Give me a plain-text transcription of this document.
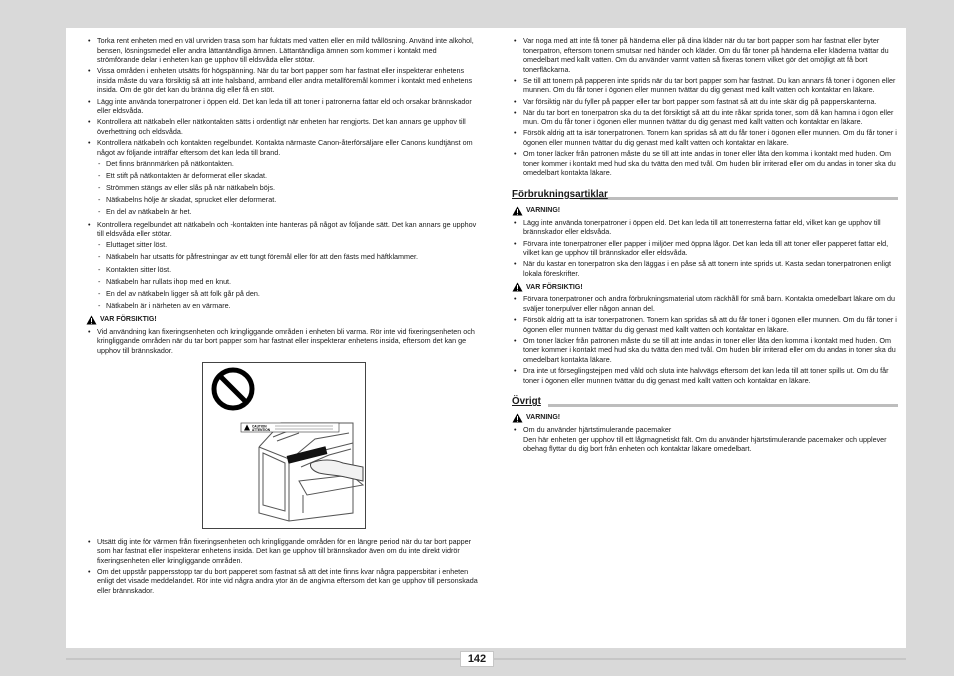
• Torka rent enheten med en väl urvriden trasa som har fuktats med vatten eller en mild tvållösning. Använd inte alkohol, bensen, lösningsmedel eller andra lättantändliga ämnen. Lättantändliga ämnen som kommer i kontakt med strömförande delar i enheten kan ge upphov till eldsvåda eller stötar.
• Vissa områden i enheten utsätts för högspänning. När du tar bort papper som har fastnat eller inspekterar enhetens insida måste du vara försiktig så att inte halsband, armband eller andra metallföremål kommer i kontakt med enhetens insida. Om de gör det kan du bränna dig eller få en stöt.
• Lägg inte använda tonerpatroner i öppen eld. Det kan leda till att toner i patronerna fattar eld och orsakar brännskador eller eldsvåda.
• Kontrollera att nätkabeln eller nätkontakten sätts i ordentligt när enheten har rengjorts. Det kan annars ge upphov till överhettning och eldsvåda.
• Kontrollera nätkabeln och kontakten regelbundet. Kontakta närmaste Canon-återförsäljare eller Canons kundtjänst om något av följande inträffar eftersom det kan leda till brand.
- Det finns brännmärken på nätkontakten.
- Ett stift på nätkontakten är deformerat eller skadat.
- Strömmen stängs av eller slås på när nätkabeln böjs.
- Nätkabelns hölje är skadat, sprucket eller deformerat.
- En del av nätkabeln är het.
• Kontrollera regelbundet att nätkabeln och -kontakten inte hanteras på något av följande sätt. Det kan annars ge upphov till eldsvåda eller stötar.
- Eluttaget sitter löst.
- Nätkabeln har utsatts för påfrestningar av ett tungt föremål eller för att den fästs med häftklammer.
- Kontakten sitter löst.
- Nätkabeln har rullats ihop med en knut.
- En del av nätkabeln ligger så att folk går på den.
- Nätkabeln är i närheten av en värmare.
VAR FÖRSIKTIG!
• Vid användning kan fixeringsenheten och kringliggande områden i enheten bli varma. Rör inte vid fixeringsenheten och kringliggande områden när du tar bort papper som har fastnat eller inspekterar enhetens insida, eftersom det kan ge upphov till brännskador.
CAUTION
ATTENTION
• Utsätt dig inte för värmen från fixeringsenheten och kringliggande områden för en längre period när du tar bort papper som har fastnat eller inspekterar enhetens insida. Det kan ge upphov till brännskador även om du inte direkt vidrör fixeringsenheten eller kringliggande områden.
• Om det uppstår pappersstopp tar du bort papperet som fastnat så att det inte finns kvar några pappersbitar i enheten enligt det visade meddelandet. Rör inte vid några andra ytor än de angivna eftersom det kan ge upphov till personskada eller brännskador.
• Var noga med att inte få toner på händerna eller på dina kläder när du tar bort papper som har fastnat eller byter tonerpatron, eftersom tonern smutsar ned händer och kläder. Om du får toner på händerna eller kläderna tvättar du omedelbart med kallt vatten. Om du använder varmt vatten så fixeras tonern vilket gör det omöjligt att få bort tonerfläckarna.
• Se till att tonern på papperen inte sprids när du tar bort papper som har fastnat. Du kan annars få toner i ögonen eller munnen. Om du får toner i ögonen eller munnen tvättar du dig genast med kallt vatten och kontaktar en läkare.
• Var försiktig när du fyller på papper eller tar bort papper som fastnat så att du inte skär dig på papperskanterna.
• När du tar bort en tonerpatron ska du ta det försiktigt så att du inte råkar sprida toner, som då kan hamna i ögon eller mun. Om du får toner i ögonen eller munnen tvättar du dig genast med kallt vatten och kontaktar en läkare.
• Försök aldrig att ta isär tonerpatronen. Tonern kan spridas så att du får toner i ögonen eller munnen. Om du får toner i ögonen eller munnen tvättar du dig genast med kallt vatten och kontaktar en läkare.
• Om toner läcker från patronen måste du se till att inte andas in toner eller låta den komma i kontakt med huden. Om toner kommer i kontakt med hud ska du tvätta den med tvål. Om huden blir irriterad eller om du andas in toner ska du omedelbart kontakta läkare.
Förbrukningsartiklar
VARNING!
• Lägg inte använda tonerpatroner i öppen eld. Det kan leda till att tonerresterna fattar eld, vilket kan ge upphov till brännskador eller eldsvåda.
• Förvara inte tonerpatroner eller papper i miljöer med öppna lågor. Det kan leda till att toner eller papperet fattar eld, vilket kan ge upphov till brännskador eller eldsvåda.
• När du kastar en tonerpatron ska den läggas i en påse så att tonern inte sprids ut. Kasta sedan tonerpatronen enligt lokala föreskrifter.
VAR FÖRSIKTIG!
• Förvara tonerpatroner och andra förbrukningsmaterial utom räckhåll för små barn. Kontakta omedelbart läkare om du sväljer tonerpulver eller någon annan del.
• Försök aldrig att ta isär tonerpatronen. Tonern kan spridas så att du får toner i ögonen eller munnen. Om du får toner i ögonen eller munnen tvättar du dig genast med kallt vatten och kontaktar en läkare.
• Om toner läcker från patronen måste du se till att inte andas in toner eller låta den komma i kontakt med huden. Om toner kommer i kontakt med hud ska du tvätta den med tvål. Om huden blir irriterad eller om du andas in toner ska du omedelbart kontakta läkare.
• Dra inte ut förseglingstejpen med våld och sluta inte halvvägs eftersom det kan leda till att toner spills ut. Om du får toner i ögonen eller munnen tvättar du dig genast med kallt vatten och kontaktar en läkare.
Övrigt
VARNING!
• Om du använder hjärtstimulerande pacemaker
Den här enheten ger upphov till ett lågmagnetiskt fält. Om du använder hjärtstimulerande pacemaker och upplever obehag flyttar du dig bort från enheten och kontaktar läkare omedelbart.
142
